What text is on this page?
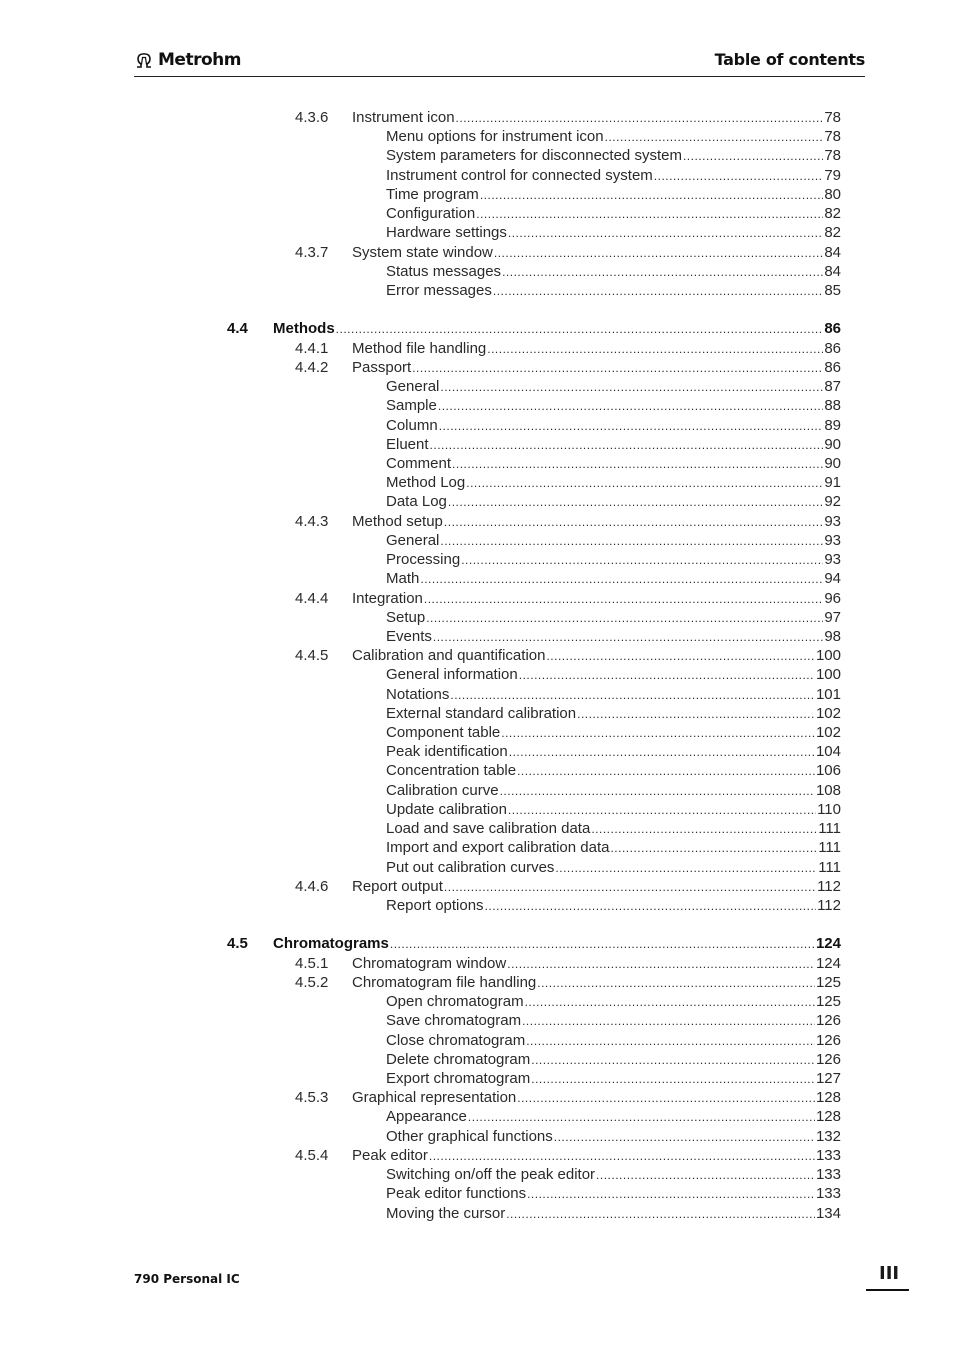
Metrohm	Table of contents
4.3.6 Instrument icon .....	78
Menu options for instrument icon .....	78
System parameters for disconnected system .....	78
Instrument control for connected system .....	79
Time program .....	80
Configuration .....	82
Hardware settings .....	82
4.3.7 System state window .....	84
Status messages .....	84
Error messages .....	85
4.4 Methods .....	86
4.4.1 Method file handling .....	86
4.4.2 Passport .....	86
General .....	87
Sample .....	88
Column .....	89
Eluent .....	90
Comment .....	90
Method Log .....	91
Data Log .....	92
4.4.3 Method setup .....	93
General .....	93
Processing .....	93
Math .....	94
4.4.4 Integration .....	96
Setup .....	97
Events .....	98
4.4.5 Calibration and quantification .....	100
General information .....	100
Notations .....	101
External standard calibration .....	102
Component table .....	102
Peak identification .....	104
Concentration table .....	106
Calibration curve .....	108
Update calibration .....	110
Load and save calibration data .....	111
Import and export calibration data .....	111
Put out calibration curves .....	111
4.4.6 Report output .....	112
Report options .....	112
4.5 Chromatograms .....	124
4.5.1 Chromatogram window .....	124
4.5.2 Chromatogram file handling .....	125
Open chromatogram .....	125
Save chromatogram .....	126
Close chromatogram .....	126
Delete chromatogram .....	126
Export chromatogram .....	127
4.5.3 Graphical representation .....	128
Appearance .....	128
Other graphical functions .....	132
4.5.4 Peak editor .....	133
Switching on/off the peak editor .....	133
Peak editor functions .....	133
Moving the cursor .....	134
790 Personal IC	III
